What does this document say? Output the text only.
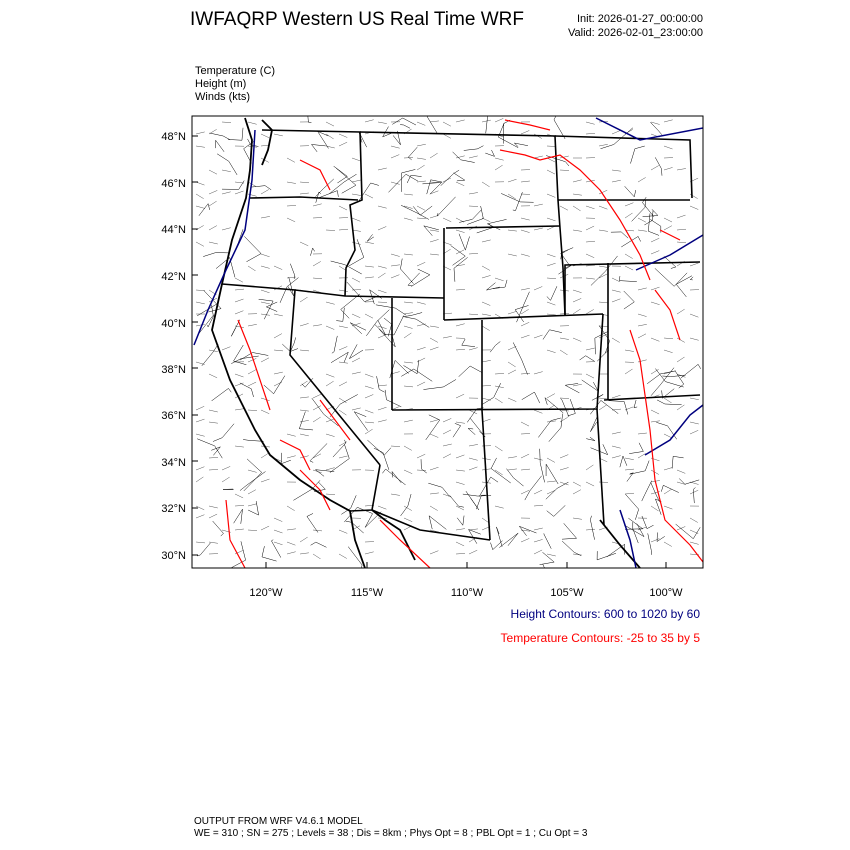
IWFAQRP Western US Real Time WRF	Init: 2026-01-27_00:00:00
Valid: 2026-02-01_23:00:00
Temperature (C)
Height (m)
Winds (kts)
48°N
46°N
44°N
42°N
40°N
38°N
36°N
34°N
32°N
30°N
120°W	115°W	110°W	105°W	100°W
Height Contours: 600 to 1020 by 60
Temperature Contours: -25 to 35 by 5
OUTPUT FROM WRF V4.6.1 MODEL
WE = 310 ; SN = 275 ; Levels = 38 ; Dis = 8km ; Phys Opt = 8 ; PBL Opt = 1 ; Cu Opt = 3
